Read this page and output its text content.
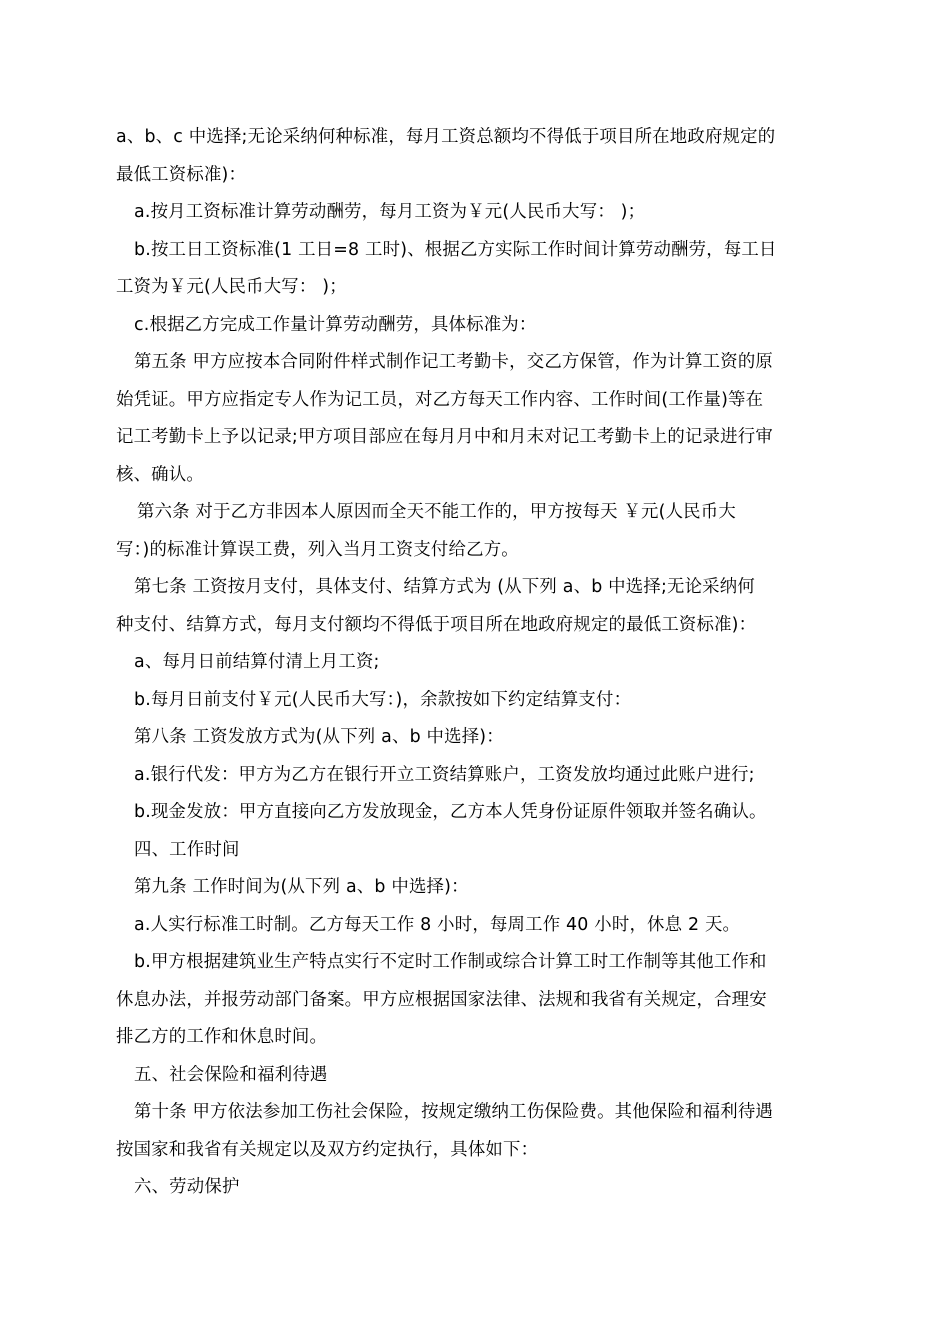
a、b、c 中选择;无论采纳何种标准，每月工资总额均不得低于项目所在地政府规定的

最低工资标准)：

a.按月工资标准计算劳动酬劳，每月工资为￥元(人民币大写： )；

b.按工日工资标准(1 工日=8 工时)、根据乙方实际工作时间计算劳动酬劳，每工日

工资为￥元(人民币大写： )；

c.根据乙方完成工作量计算劳动酬劳，具体标准为：

第五条 甲方应按本合同附件样式制作记工考勤卡，交乙方保管，作为计算工资的原

始凭证。甲方应指定专人作为记工员，对乙方每天工作内容、工作时间(工作量)等在

记工考勤卡上予以记录;甲方项目部应在每月月中和月末对记工考勤卡上的记录进行审

核、确认。

第六条 对于乙方非因本人原因而全天不能工作的，甲方按每天 ￥元(人民币大

写：)的标准计算误工费，列入当月工资支付给乙方。

第七条 工资按月支付，具体支付、结算方式为 (从下列 a、b 中选择;无论采纳何

种支付、结算方式，每月支付额均不得低于项目所在地政府规定的最低工资标准)：

a、每月日前结算付清上月工资;

b.每月日前支付￥元(人民币大写：)，余款按如下约定结算支付：

第八条 工资发放方式为(从下列 a、b 中选择)：

a.银行代发：甲方为乙方在银行开立工资结算账户，工资发放均通过此账户进行;

b.现金发放：甲方直接向乙方发放现金，乙方本人凭身份证原件领取并签名确认。

四、工作时间

第九条 工作时间为(从下列 a、b 中选择)：

a.人实行标准工时制。乙方每天工作 8 小时，每周工作 40 小时，休息 2 天。

b.甲方根据建筑业生产特点实行不定时工作制或综合计算工时工作制等其他工作和

休息办法，并报劳动部门备案。甲方应根据国家法律、法规和我省有关规定，合理安

排乙方的工作和休息时间。

五、社会保险和福利待遇

第十条 甲方依法参加工伤社会保险，按规定缴纳工伤保险费。其他保险和福利待遇

按国家和我省有关规定以及双方约定执行，具体如下：

六、劳动保护
